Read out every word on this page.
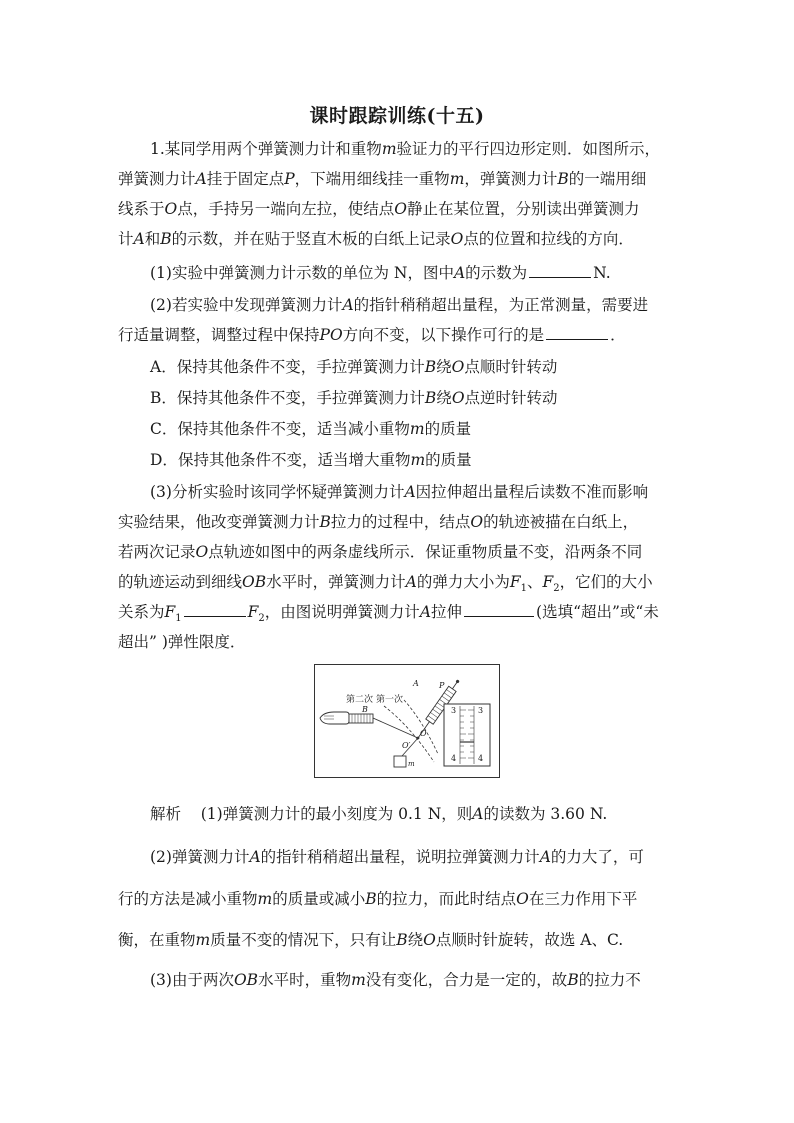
课时跟踪训练(十五)
1.某同学用两个弹簧测力计和重物m验证力的平行四边形定则．如图所示，
弹簧测力计A挂于固定点P，下端用细线挂一重物m，弹簧测力计B的一端用细
线系于O点，手持另一端向左拉，使结点O静止在某位置，分别读出弹簧测力
计A和B的示数，并在贴于竖直木板的白纸上记录O点的位置和拉线的方向．
(1)实验中弹簧测力计示数的单位为 N，图中A的示数为	N.
(2)若实验中发现弹簧测力计A的指针稍稍超出量程，为正常测量，需要进
行适量调整，调整过程中保持PO方向不变，以下操作可行的是	．
A．保持其他条件不变，手拉弹簧测力计B绕O点顺时针转动
B．保持其他条件不变，手拉弹簧测力计B绕O点逆时针转动
C．保持其他条件不变，适当减小重物m的质量
D．保持其他条件不变，适当增大重物m的质量
(3)分析实验时该同学怀疑弹簧测力计A因拉伸超出量程后读数不准而影响
实验结果，他改变弹簧测力计B拉力的过程中，结点O的轨迹被描在白纸上，
若两次记录O点轨迹如图中的两条虚线所示．保证重物质量不变，沿两条不同
的轨迹运动到细线OB水平时，弹簧测力计A的弹力大小为$F_1$、$F_2$，它们的大小
关系为$F_1$	$F_2$，由图说明弹簧测力计A拉伸	(选填“超出”或“未
超出” )弹性限度．
第二次 第一次
A	P
B
O
O′
m
3
4
3
4
解析 (1)弹簧测力计的最小刻度为 0.1 N，则A的读数为 3.60 N.
(2)弹簧测力计A的指针稍稍超出量程，说明拉弹簧测力计A的力大了，可
行的方法是减小重物m的质量或减小B的拉力，而此时结点O在三力作用下平
衡，在重物m质量不变的情况下，只有让B绕O点顺时针旋转，故选 A、C.
(3)由于两次OB水平时，重物m没有变化，合力是一定的，故B的拉力不
